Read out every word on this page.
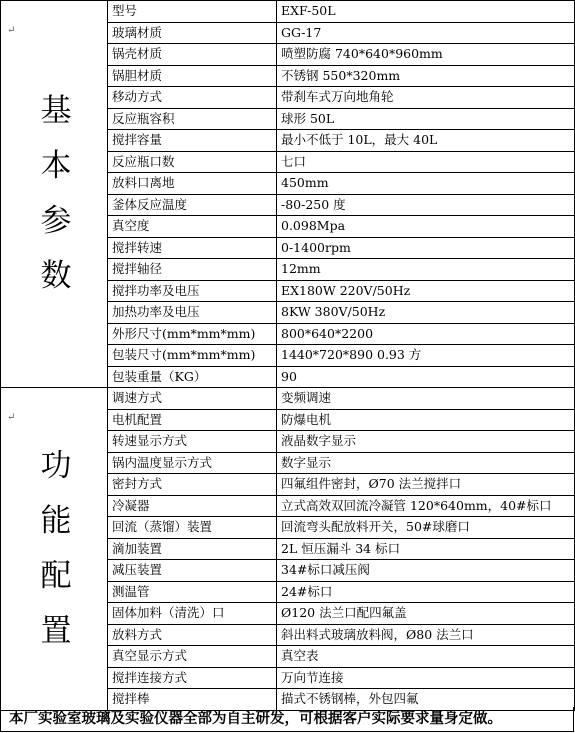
↵
基
本
参
数	型号	EXF-50L
	玻璃材质	GG-17
	锅壳材质	喷塑防腐 740*640*960mm
	锅胆材质	不锈钢 550*320mm
	移动方式	带刹车式万向地角轮
	反应瓶容积	球形 50L
	搅拌容量	最小不低于 10L，最大 40L
	反应瓶口数	七口
	放料口离地	450mm
	釜体反应温度	-80-250 度
	真空度	0.098Mpa
	搅拌转速	0-1400rpm
	搅拌轴径	12mm
	搅拌功率及电压	EX180W 220V/50Hz
	加热功率及电压	8KW 380V/50Hz
	外形尺寸(mm*mm*mm)	800*640*2200
	包装尺寸(mm*mm*mm)	1440*720*890 0.93 方
	包装重量（KG）	90

↵
功
能
配
置	调速方式	变频调速
	电机配置	防爆电机
	转速显示方式	液晶数字显示
	锅内温度显示方式	数字显示
	密封方式	四氟组件密封，Ø70 法兰搅拌口
	冷凝器	立式高效双回流冷凝管 120*640mm，40#标口
	回流（蒸馏）装置	回流弯头配放料开关，50#球磨口
	滴加装置	2L 恒压漏斗 34 标口
	减压装置	34#标口减压阀
	测温管	24#标口
	固体加料（清洗）口	Ø120 法兰口配四氟盖
	放料方式	斜出料式玻璃放料阀，Ø80 法兰口
	真空显示方式	真空表
	搅拌连接方式	万向节连接
	搅拌棒	描式不锈钢棒，外包四氟
本厂实验室玻璃及实验仪器全部为自主研发，可根据客户实际要求量身定做。
